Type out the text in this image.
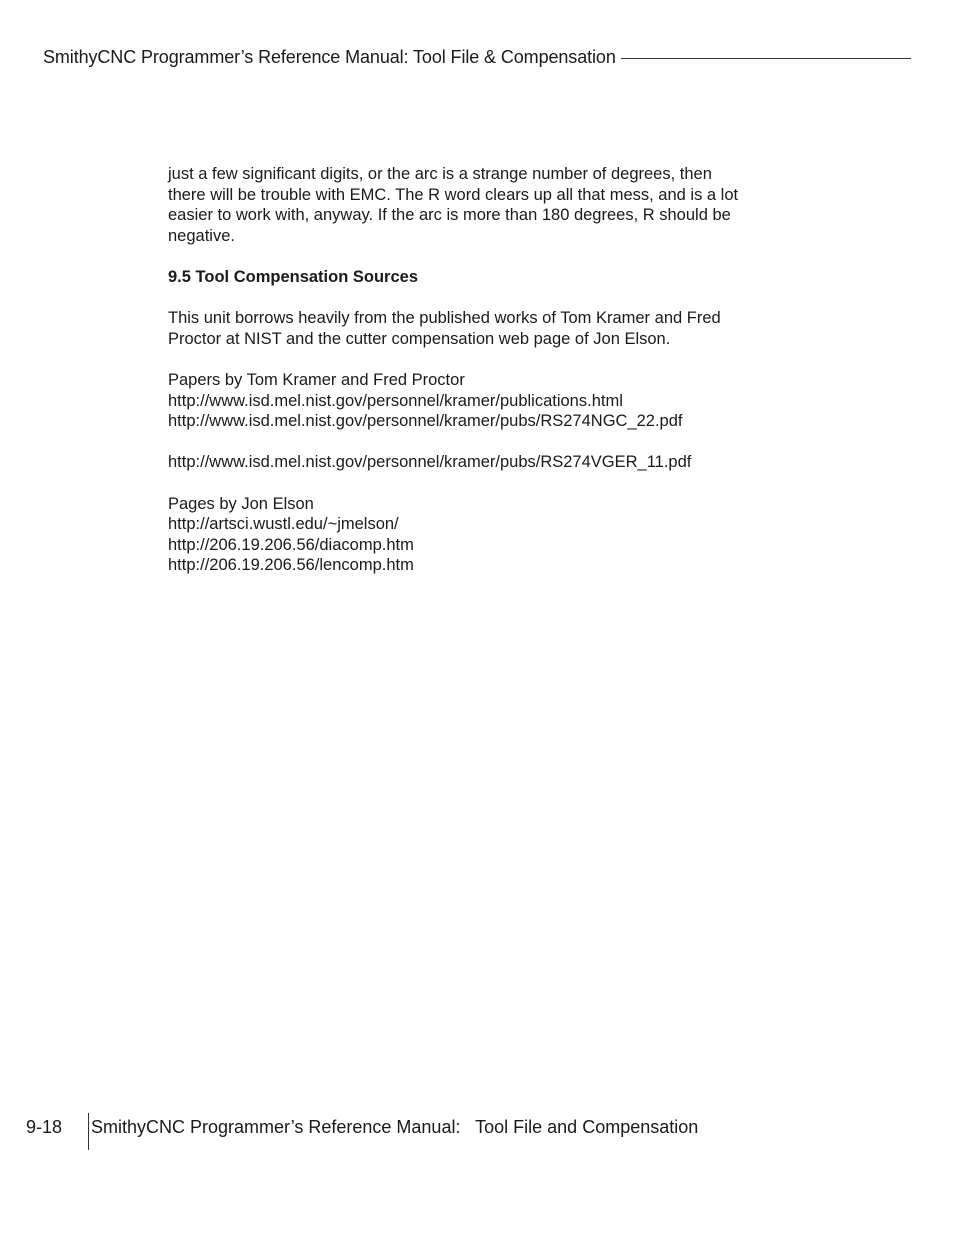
SmithyCNC Programmer’s Reference Manual: Tool File & Compensation

just a few significant digits, or the arc is a strange number of degrees, then
there will be trouble with EMC. The R word clears up all that mess, and is a lot
easier to work with, anyway. If the arc is more than 180 degrees, R should be
negative.

9.5 Tool Compensation Sources

This unit borrows heavily from the published works of Tom Kramer and Fred
Proctor at NIST and the cutter compensation web page of Jon Elson.

Papers by Tom Kramer and Fred Proctor
http://www.isd.mel.nist.gov/personnel/kramer/publications.html
http://www.isd.mel.nist.gov/personnel/kramer/pubs/RS274NGC_22.pdf

http://www.isd.mel.nist.gov/personnel/kramer/pubs/RS274VGER_11.pdf

Pages by Jon Elson
http://artsci.wustl.edu/~jmelson/
http://206.19.206.56/diacomp.htm
http://206.19.206.56/lencomp.htm

9-18 SmithyCNC Programmer’s Reference Manual:   Tool File and Compensation
